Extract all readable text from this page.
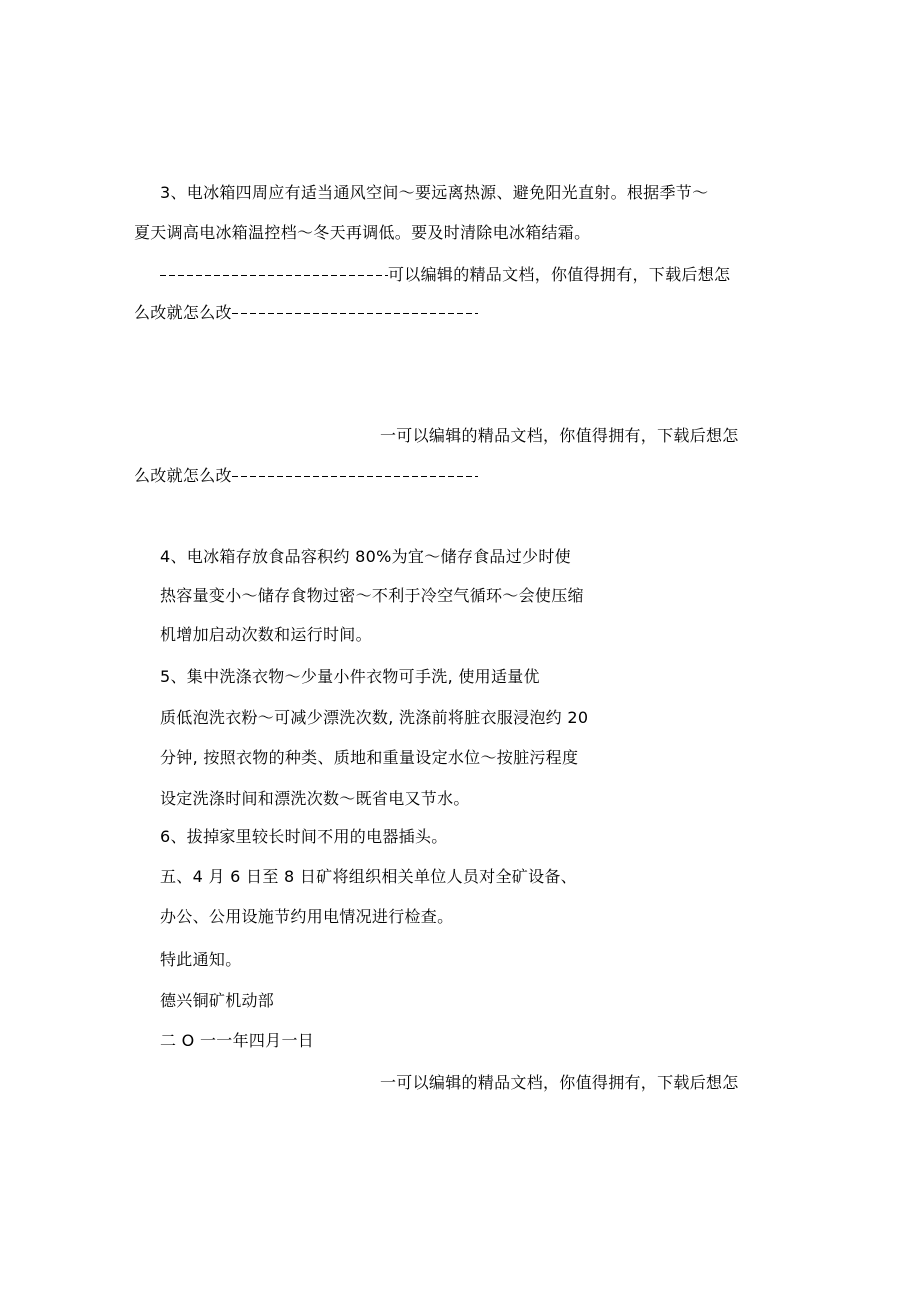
3、电冰箱四周应有适当通风空间～要远离热源、避免阳光直射。根据季节～
夏天调高电冰箱温控档～冬天再调低。要及时清除电冰箱结霜。
可以编辑的精品文档，你值得拥有，下载后想怎
么改就怎么改
一可以编辑的精品文档，你值得拥有，下载后想怎
么改就怎么改
4、电冰箱存放食品容积约 80%为宜～储存食品过少时使
热容量变小～储存食物过密～不利于冷空气循环～会使压缩
机增加启动次数和运行时间。
5、集中洗涤衣物～少量小件衣物可手洗, 使用适量优
质低泡洗衣粉～可减少漂洗次数, 洗涤前将脏衣服浸泡约 20
分钟, 按照衣物的种类、质地和重量设定水位～按脏污程度
设定洗涤时间和漂洗次数～既省电又节水。
6、拔掉家里较长时间不用的电器插头。
五、4 月 6 日至 8 日矿将组织相关单位人员对全矿设备、
办公、公用设施节约用电情况进行检查。
特此通知。
德兴铜矿机动部
二 O 一一年四月一日
一可以编辑的精品文档，你值得拥有，下载后想怎
